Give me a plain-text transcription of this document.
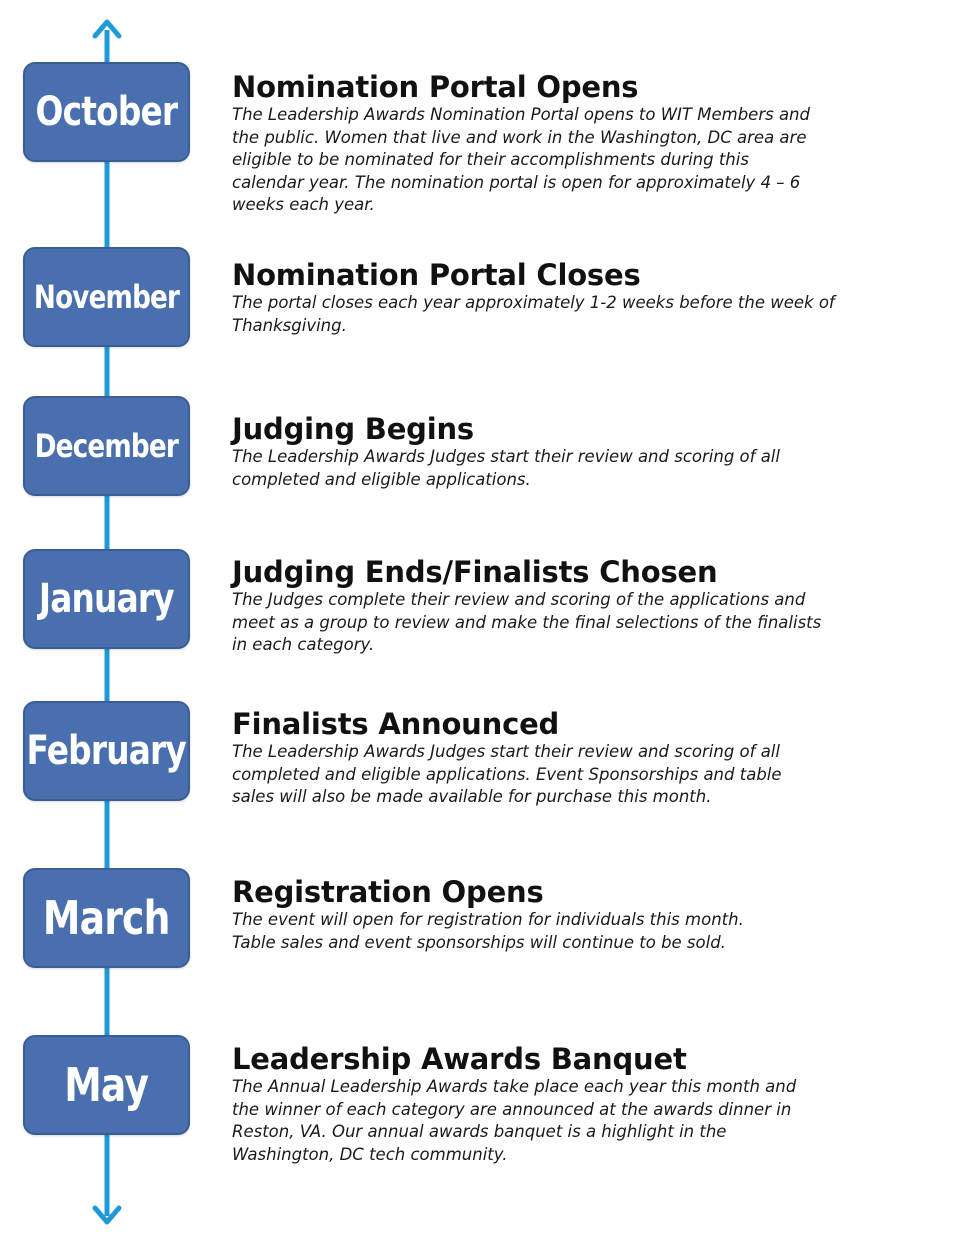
October
Nomination Portal Opens

The Leadership Awards Nomination Portal opens to WIT Members and
the public. Women that live and work in the Washington, DC area are
eligible to be nominated for their accomplishments during this
calendar year. The nomination portal is open for approximately 4 – 6
weeks each year.

November
Nomination Portal Closes

The portal closes each year approximately 1-2 weeks before the week of
Thanksgiving.

December Judging Begins

The Leadership Awards Judges start their review and scoring of all
completed and eligible applications.

January
Judging Ends/Finalists Chosen

The Judges complete their review and scoring of the applications and
meet as a group to review and make the final selections of the finalists
in each category.

February
Finalists Announced

The Leadership Awards Judges start their review and scoring of all
completed and eligible applications. Event Sponsorships and table
sales will also be made available for purchase this month.

March Registration Opens

The event will open for registration for individuals this month.
Table sales and event sponsorships will continue to be sold.

May	Leadership Awards Banquet

The Annual Leadership Awards take place each year this month and
the winner of each category are announced at the awards dinner in
Reston, VA. Our annual awards banquet is a highlight in the
Washington, DC tech community.
